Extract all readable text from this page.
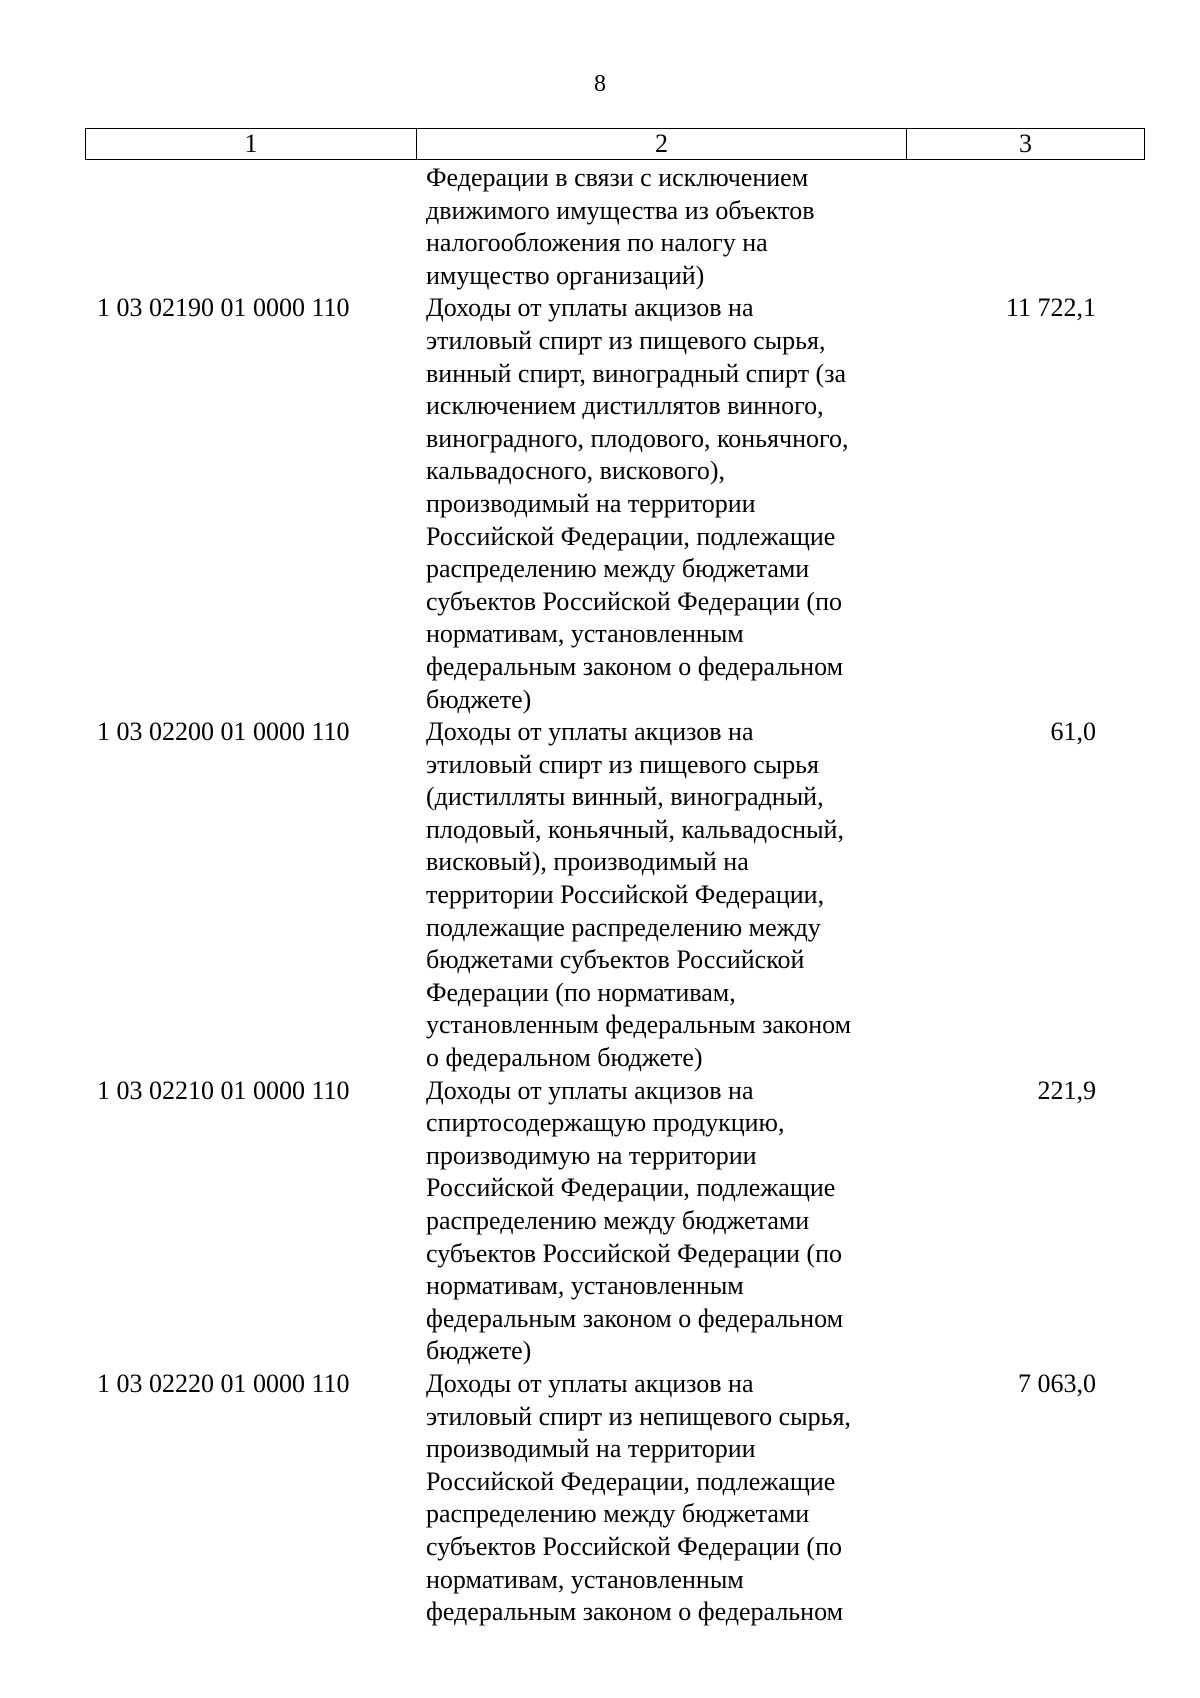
8
1	2	3
Федерации в связи с исключением
движимого имущества из объектов
налогообложения по налогу на
имущество организаций)
1 03 02190 01 0000 110	Доходы от уплаты акцизов на
этиловый спирт из пищевого сырья,
винный спирт, виноградный спирт (за
исключением дистиллятов винного,
виноградного, плодового, коньячного,
кальвадосного, вискового),
производимый на территории
Российской Федерации, подлежащие
распределению между бюджетами
субъектов Российской Федерации (по
нормативам, установленным
федеральным законом о федеральном
бюджете)
11 722,1
1 03 02200 01 0000 110	Доходы от уплаты акцизов на
этиловый спирт из пищевого сырья
(дистилляты винный, виноградный,
плодовый, коньячный, кальвадосный,
висковый), производимый на
территории Российской Федерации,
подлежащие распределению между
бюджетами субъектов Российской
Федерации (по нормативам,
установленным федеральным законом
о федеральном бюджете)
61,0
1 03 02210 01 0000 110	Доходы от уплаты акцизов на
спиртосодержащую продукцию,
производимую на территории
Российской Федерации, подлежащие
распределению между бюджетами
субъектов Российской Федерации (по
нормативам, установленным
федеральным законом о федеральном
бюджете)
221,9
1 03 02220 01 0000 110	Доходы от уплаты акцизов на
этиловый спирт из непищевого сырья,
производимый на территории
Российской Федерации, подлежащие
распределению между бюджетами
субъектов Российской Федерации (по
нормативам, установленным
федеральным законом о федеральном
7 063,0
